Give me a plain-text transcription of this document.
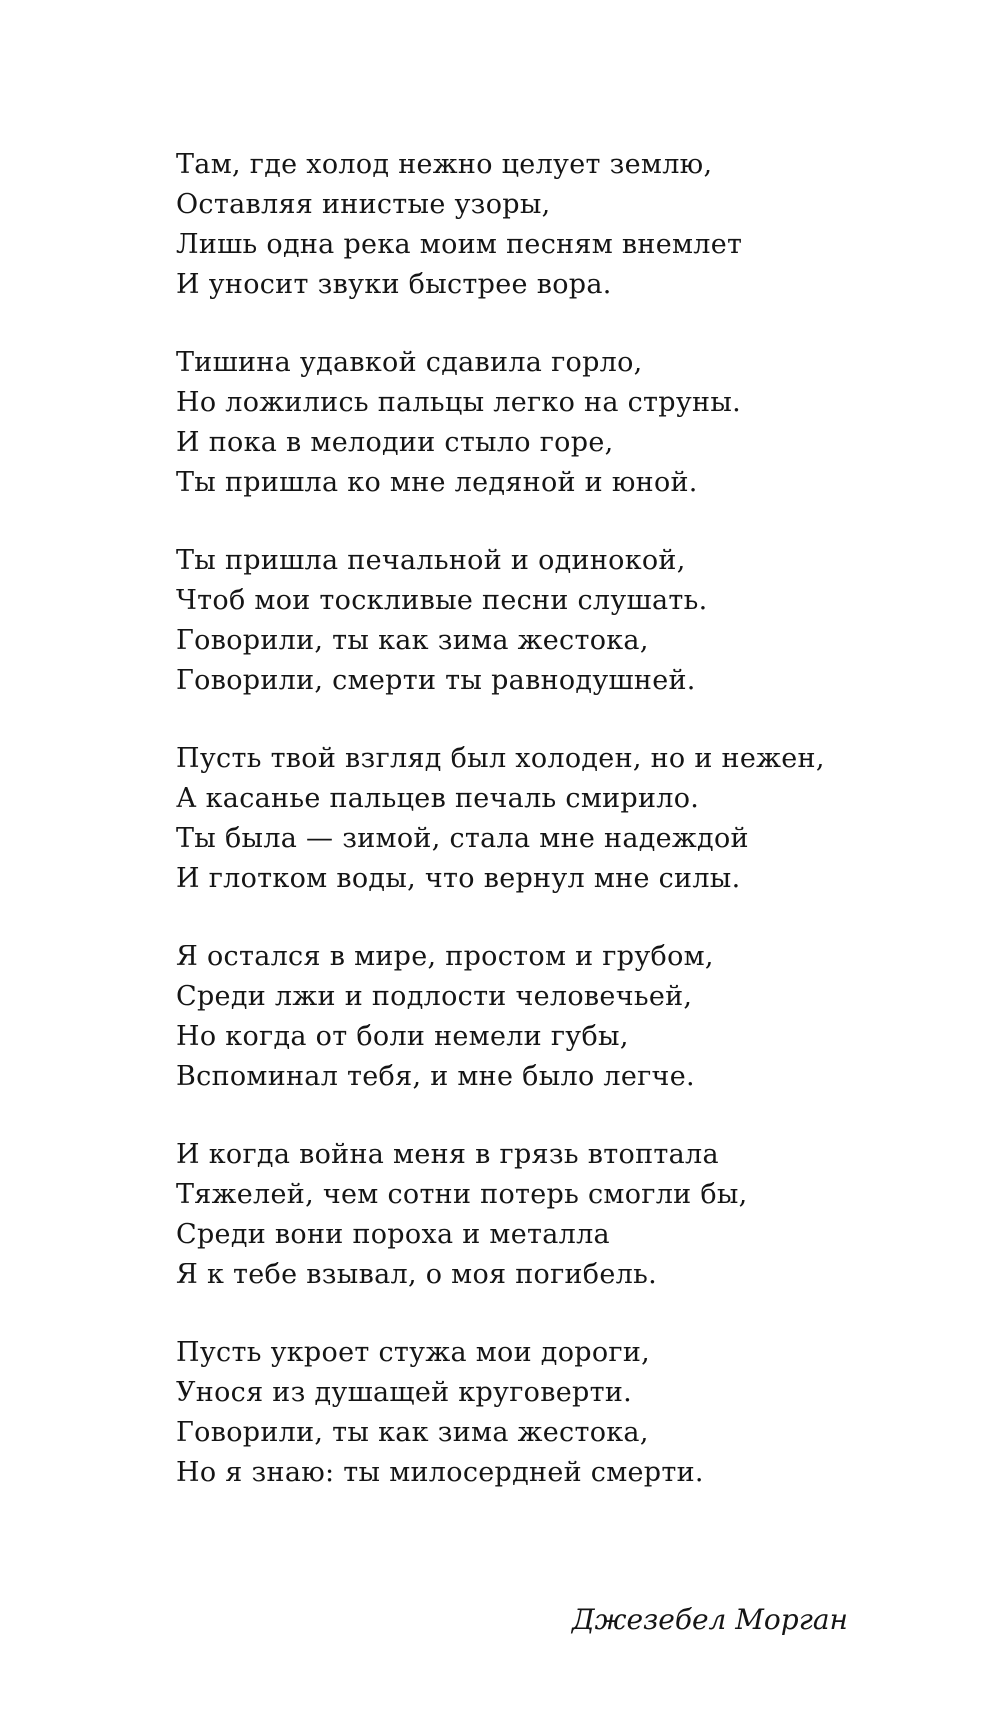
Там, где холод нежно целует землю,
Оставляя инистые узоры,
Лишь одна река моим песням внемлет
И уносит звуки быстрее вора.
Тишина удавкой сдавила горло,
Но ложились пальцы легко на струны.
И пока в мелодии стыло горе,
Ты пришла ко мне ледяной и юной.
Ты пришла печальной и одинокой,
Чтоб мои тоскливые песни слушать.
Говорили, ты как зима жестока,
Говорили, смерти ты равнодушней.
Пусть твой взгляд был холоден, но и нежен,
А касанье пальцев печаль смирило.
Ты была — зимой, стала мне надеждой
И глотком воды, что вернул мне силы.
Я остался в мире, простом и грубом,
Среди лжи и подлости человечьей,
Но когда от боли немели губы,
Вспоминал тебя, и мне было легче.
И когда война меня в грязь втоптала
Тяжелей, чем сотни потерь смогли бы,
Среди вони пороха и металла
Я к тебе взывал, о моя погибель.
Пусть укроет стужа мои дороги,
Унося из душащей круговерти.
Говорили, ты как зима жестока,
Но я знаю: ты милосердней смерти.
Джезебел Морган
